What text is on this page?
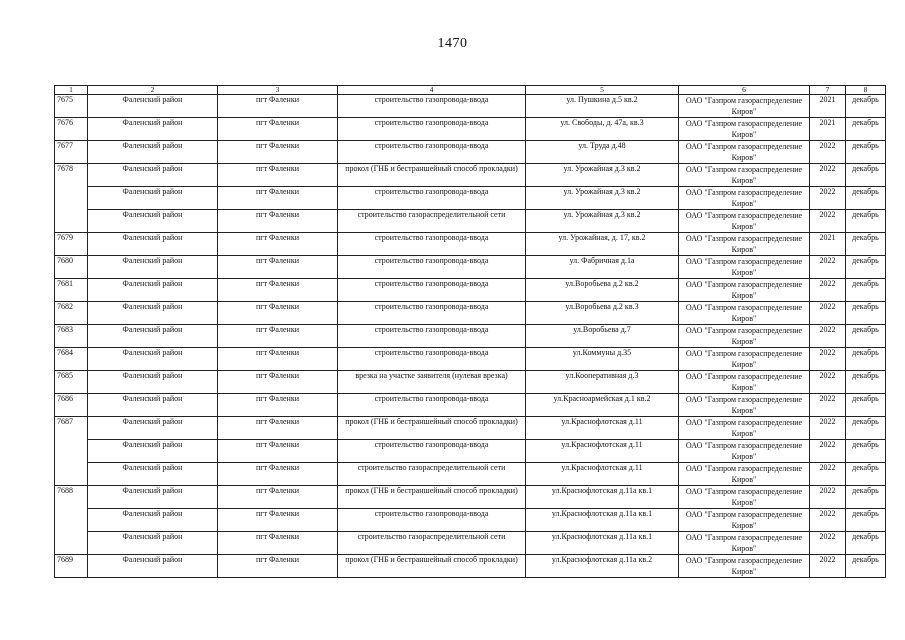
1470
1	2	3	4	5	6	7	8
7675	Фаленский район	пгт Фаленки	строительство газопровода-ввода	ул. Пушкина д.5 кв.2	ОАО "Газпром газораспределение Киров"	2021	декабрь
7676	Фаленский район	пгт Фаленки	строительство газопровода-ввода	ул. Свободы, д. 47а, кв.3	ОАО "Газпром газораспределение Киров"	2021	декабрь
7677	Фаленский район	пгт Фаленки	строительство газопровода-ввода	ул. Труда д.48	ОАО "Газпром газораспределение Киров"	2022	декабрь
7678	Фаленский район	пгт Фаленки	прокол (ГНБ и бестраншейный способ прокладки)	ул. Урожайная д.3 кв.2	ОАО "Газпром газораспределение Киров"	2022	декабрь
	Фаленский район	пгт Фаленки	строительство газопровода-ввода	ул. Урожайная д.3 кв.2	ОАО "Газпром газораспределение Киров"	2022	декабрь
	Фаленский район	пгт Фаленки	строительство газораспределительной сети	ул. Урожайная д.3 кв.2	ОАО "Газпром газораспределение Киров"	2022	декабрь
7679	Фаленский район	пгт Фаленки	строительство газопровода-ввода	ул. Урожайная, д. 17, кв.2	ОАО "Газпром газораспределение Киров"	2021	декабрь
7680	Фаленский район	пгт Фаленки	строительство газопровода-ввода	ул. Фабричная д.1а	ОАО "Газпром газораспределение Киров"	2022	декабрь
7681	Фаленский район	пгт Фаленки	строительство газопровода-ввода	ул.Воробьева д.2 кв.2	ОАО "Газпром газораспределение Киров"	2022	декабрь
7682	Фаленский район	пгт Фаленки	строительство газопровода-ввода	ул.Воробьева д.2 кв.3	ОАО "Газпром газораспределение Киров"	2022	декабрь
7683	Фаленский район	пгт Фаленки	строительство газопровода-ввода	ул.Воробьева д.7	ОАО "Газпром газораспределение Киров"	2022	декабрь
7684	Фаленский район	пгт Фаленки	строительство газопровода-ввода	ул.Коммуны д.35	ОАО "Газпром газораспределение Киров"	2022	декабрь
7685	Фаленский район	пгт Фаленки	врезка на участке заявителя (нулевая врезка)	ул.Кооперативная д.3	ОАО "Газпром газораспределение Киров"	2022	декабрь
7686	Фаленский район	пгт Фаленки	строительство газопровода-ввода	ул.Красноармейская д.1 кв.2	ОАО "Газпром газораспределение Киров"	2022	декабрь
7687	Фаленский район	пгт Фаленки	прокол (ГНБ и бестраншейный способ прокладки)	ул.Краснофлотская д.11	ОАО "Газпром газораспределение Киров"	2022	декабрь
	Фаленский район	пгт Фаленки	строительство газопровода-ввода	ул.Краснофлотская д.11	ОАО "Газпром газораспределение Киров"	2022	декабрь
	Фаленский район	пгт Фаленки	строительство газораспределительной сети	ул.Краснофлотская д.11	ОАО "Газпром газораспределение Киров"	2022	декабрь
7688	Фаленский район	пгт Фаленки	прокол (ГНБ и бестраншейный способ прокладки)	ул.Краснофлотская д.11а кв.1	ОАО "Газпром газораспределение Киров"	2022	декабрь
	Фаленский район	пгт Фаленки	строительство газопровода-ввода	ул.Краснофлотская д.11а кв.1	ОАО "Газпром газораспределение Киров"	2022	декабрь
	Фаленский район	пгт Фаленки	строительство газораспределительной сети	ул.Краснофлотская д.11а кв.1	ОАО "Газпром газораспределение Киров"	2022	декабрь
7689	Фаленский район	пгт Фаленки	прокол (ГНБ и бестраншейный способ прокладки)	ул.Краснофлотская д.11а кв.2	ОАО "Газпром газораспределение Киров"	2022	декабрь
